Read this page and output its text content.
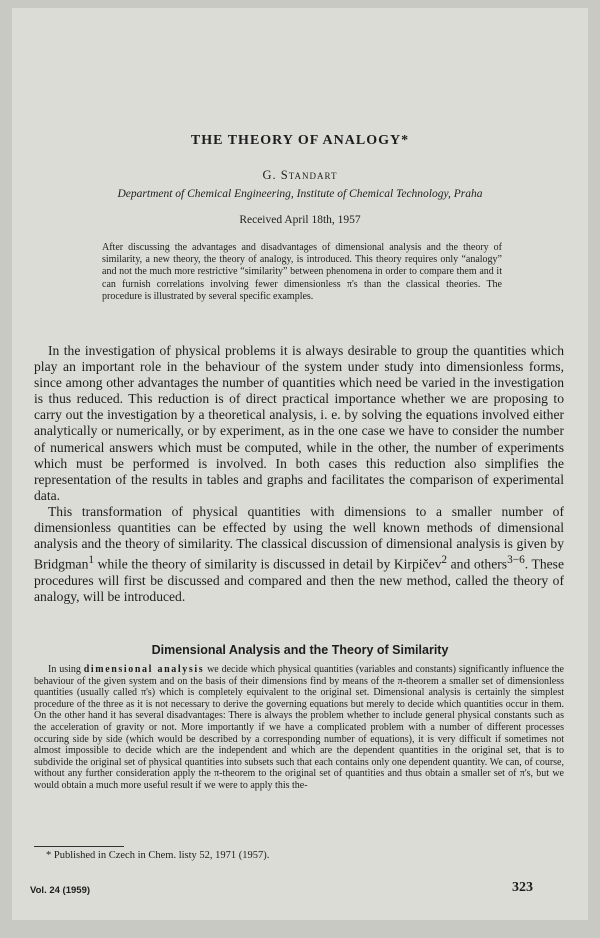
THE THEORY OF ANALOGY*
G. Standart
Department of Chemical Engineering, Institute of Chemical Technology, Praha
Received April 18th, 1957

After discussing the advantages and disadvantages of dimensional analysis and the theory of similarity, a new theory, the theory of analogy, is introduced. This theory requires only “analogy” and not the much more restrictive “similarity” between phenomena in order to compare them and it can furnish correlations involving fewer dimensionless π's than the classical theories. The procedure is illustrated by several specific examples.

In the investigation of physical problems it is always desirable to group the quantities which play an important role in the behaviour of the system under study into dimensionless forms, since among other advantages the number of quantities which need be varied in the investigation is thus reduced. This reduction is of direct practical importance whether we are proposing to carry out the investigation by a theoretical analysis, i. e. by solving the equations involved either analytically or numerically, or by experiment, as in the one case we have to consider the number of numerical answers which must be computed, while in the other, the number of experiments which must be performed is involved. In both cases this reduction also simplifies the representation of the results in tables and graphs and facilitates the comparison of experimental data.

This transformation of physical quantities with dimensions to a smaller number of dimensionless quantities can be effected by using the well known methods of dimensional analysis and the theory of similarity. The classical discussion of dimensional analysis is given by Bridgman$^1$ while the theory of similarity is discussed in detail by Kirpičev$^2$ and others$^{3-6}$. These procedures will first be discussed and compared and then the new method, called the theory of analogy, will be introduced.

Dimensional Analysis and the Theory of Similarity

In using dimensional analysis we decide which physical quantities (variables and constants) significantly influence the behaviour of the given system and on the basis of their dimensions find by means of the π-theorem a smaller set of dimensionless quantities (usually called π's) which is completely equivalent to the original set. Dimensional analysis is certainly the simplest procedure of the three as it is not necessary to derive the governing equations but merely to decide which quantities occur in them. On the other hand it has several disadvantages: There is always the problem whether to include general physical constants such as the acceleration of gravity or not. More importantly if we have a complicated problem with a number of different processes occuring side by side (which would be described by a corresponding number of equations), it is very difficult if sometimes not almost impossible to decide which are the independent and which are the dependent quantities in the original set, that is to subdivide the original set of physical quantities into subsets such that each contains only one dependent quantity. We can, of course, without any further consideration apply the π-theorem to the original set of quantities and thus obtain a smaller set of π's, but we would obtain a much more useful result if we were to apply this the-

* Published in Czech in Chem. listy 52, 1971 (1957).
Vol. 24 (1959)	323
